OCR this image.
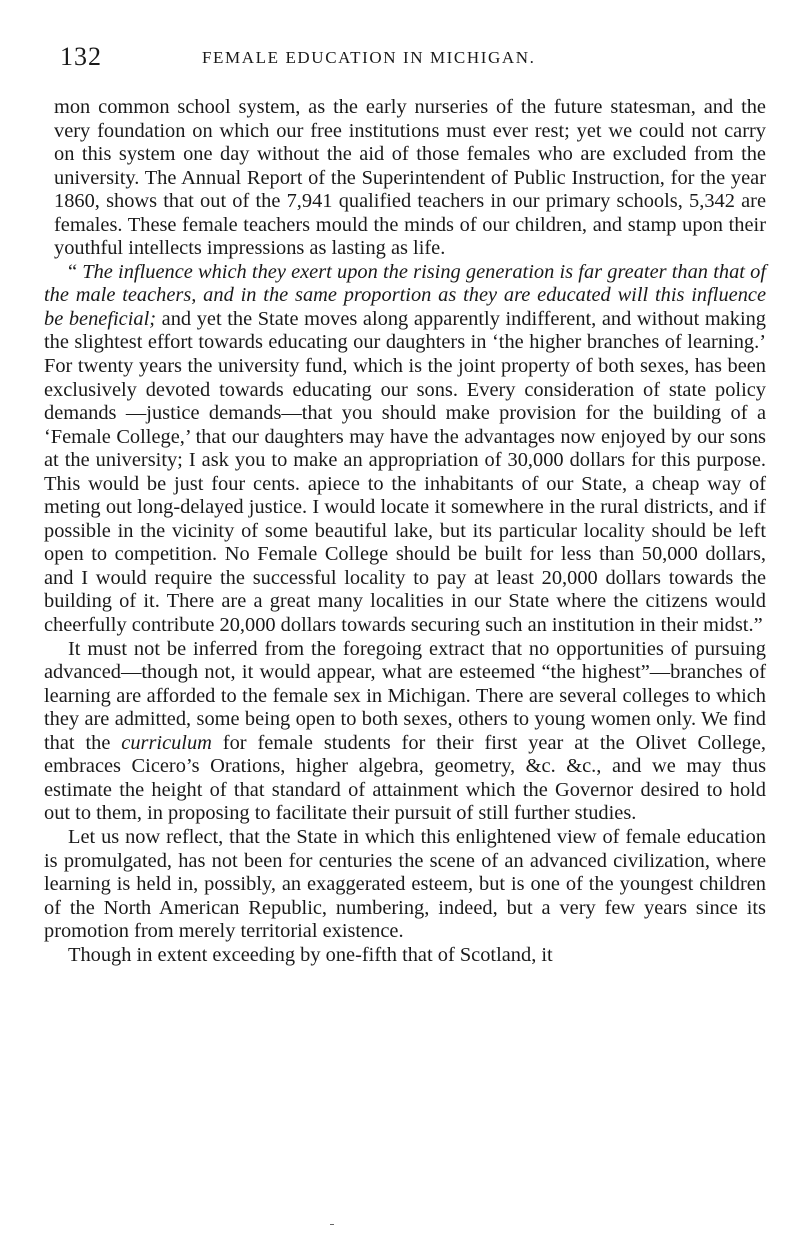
132	FEMALE EDUCATION IN MICHIGAN.

mon common school system, as the early nurseries of the future statesman, and the very foundation on which our free institutions must ever rest; yet we could not carry on this system one day without the aid of those females who are excluded from the university. The Annual Report of the Superintendent of Public Instruction, for the year 1860, shows that out of the 7,941 qualified teachers in our primary schools, 5,342 are females. These female teachers mould the minds of our children, and stamp upon their youthful intellects impressions as lasting as life.

“ The influence which they exert upon the rising generation is far greater than that of the male teachers, and in the same proportion as they are educated will this influence be beneficial; and yet the State moves along apparently indifferent, and without making the slightest effort towards educating our daughters in ‘the higher branches of learning.’ For twenty years the university fund, which is the joint property of both sexes, has been exclusively devoted towards educating our sons. Every consideration of state policy demands —justice demands—that you should make provision for the building of a ‘Female College,’ that our daughters may have the advantages now enjoyed by our sons at the university; I ask you to make an appropriation of 30,000 dollars for this purpose. This would be just four cents. apiece to the inhabitants of our State, a cheap way of meting out long-delayed justice. I would locate it somewhere in the rural districts, and if possible in the vicinity of some beautiful lake, but its particular locality should be left open to competition. No Female College should be built for less than 50,000 dollars, and I would require the successful locality to pay at least 20,000 dollars towards the building of it. There are a great many localities in our State where the citizens would cheerfully contribute 20,000 dollars towards securing such an institution in their midst.”

It must not be inferred from the foregoing extract that no opportunities of pursuing advanced—though not, it would appear, what are esteemed “the highest”—branches of learning are afforded to the female sex in Michigan. There are several colleges to which they are admitted, some being open to both sexes, others to young women only. We find that the curriculum for female students for their first year at the Olivet College, embraces Cicero’s Orations, higher algebra, geometry, &c. &c., and we may thus estimate the height of that standard of attainment which the Governor desired to hold out to them, in proposing to facilitate their pursuit of still further studies.

Let us now reflect, that the State in which this enlightened view of female education is promulgated, has not been for centuries the scene of an advanced civilization, where learning is held in, possibly, an exaggerated esteem, but is one of the youngest children of the North American Republic, numbering, indeed, but a very few years since its promotion from merely territorial existence.

Though in extent exceeding by one-fifth that of Scotland, it
